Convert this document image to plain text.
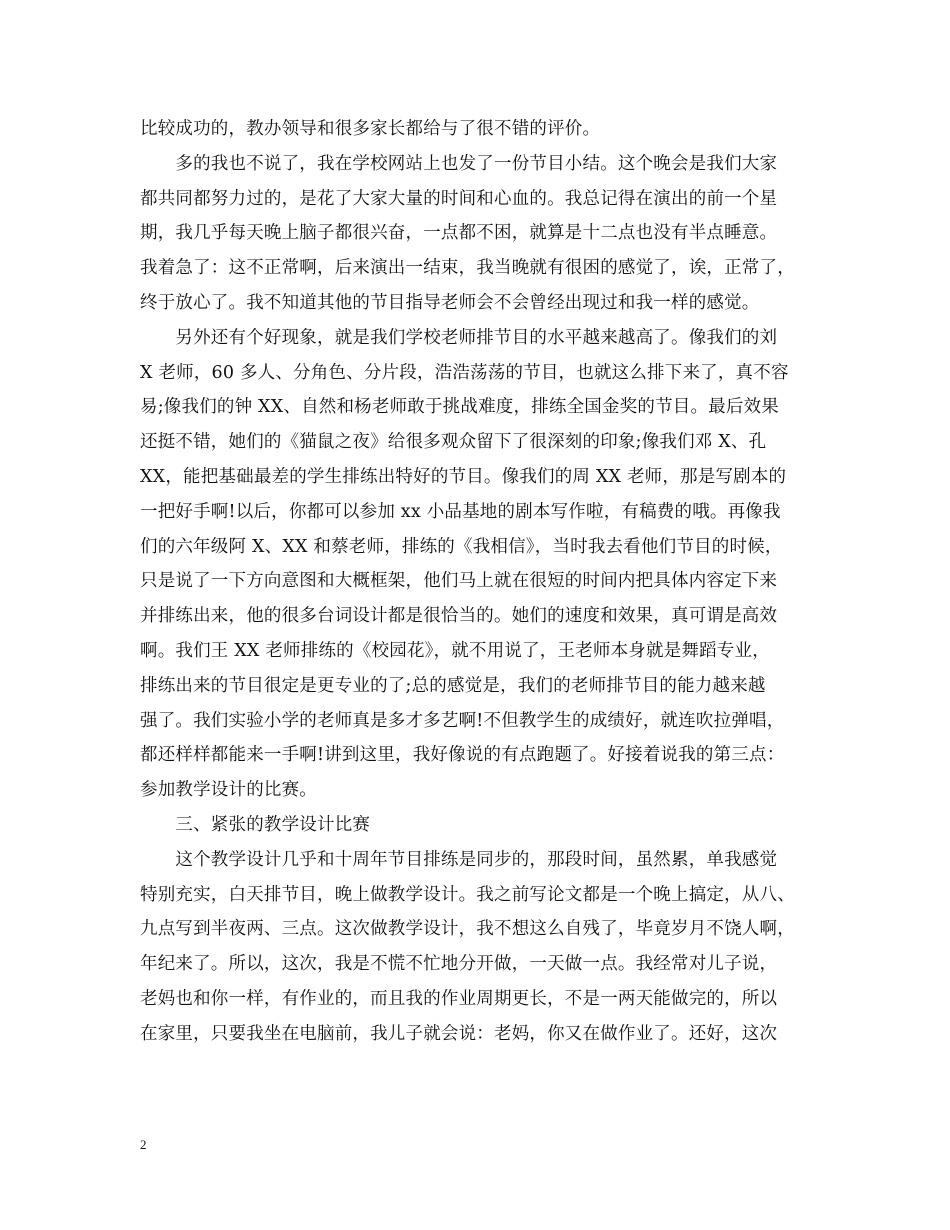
比较成功的，教办领导和很多家长都给与了很不错的评价。
　　多的我也不说了，我在学校网站上也发了一份节目小结。这个晚会是我们大家
都共同都努力过的，是花了大家大量的时间和心血的。我总记得在演出的前一个星
期，我几乎每天晚上脑子都很兴奋，一点都不困，就算是十二点也没有半点睡意。
我着急了：这不正常啊，后来演出一结束，我当晚就有很困的感觉了，诶，正常了，
终于放心了。我不知道其他的节目指导老师会不会曾经出现过和我一样的感觉。
　　另外还有个好现象，就是我们学校老师排节目的水平越来越高了。像我们的刘
X 老师，60 多人、分角色、分片段，浩浩荡荡的节目，也就这么排下来了，真不容
易;像我们的钟 XX、自然和杨老师敢于挑战难度，排练全国金奖的节目。最后效果
还挺不错，她们的《猫鼠之夜》给很多观众留下了很深刻的印象;像我们邓 X、孔
XX，能把基础最差的学生排练出特好的节目。像我们的周 XX 老师，那是写剧本的
一把好手啊!以后，你都可以参加 xx 小品基地的剧本写作啦，有稿费的哦。再像我
们的六年级阿 X、XX 和蔡老师，排练的《我相信》，当时我去看他们节目的时候，
只是说了一下方向意图和大概框架，他们马上就在很短的时间内把具体内容定下来
并排练出来，他的很多台词设计都是很恰当的。她们的速度和效果，真可谓是高效
啊。我们王 XX 老师排练的《校园花》，就不用说了，王老师本身就是舞蹈专业，
排练出来的节目很定是更专业的了;总的感觉是，我们的老师排节目的能力越来越
强了。我们实验小学的老师真是多才多艺啊!不但教学生的成绩好，就连吹拉弹唱，
都还样样都能来一手啊!讲到这里，我好像说的有点跑题了。好接着说我的第三点：
参加教学设计的比赛。
　　三、紧张的教学设计比赛
　　这个教学设计几乎和十周年节目排练是同步的，那段时间，虽然累，单我感觉
特别充实，白天排节目，晚上做教学设计。我之前写论文都是一个晚上搞定，从八、
九点写到半夜两、三点。这次做教学设计，我不想这么自残了，毕竟岁月不饶人啊，
年纪来了。所以，这次，我是不慌不忙地分开做，一天做一点。我经常对儿子说，
老妈也和你一样，有作业的，而且我的作业周期更长，不是一两天能做完的，所以
在家里，只要我坐在电脑前，我儿子就会说：老妈，你又在做作业了。还好，这次
2
